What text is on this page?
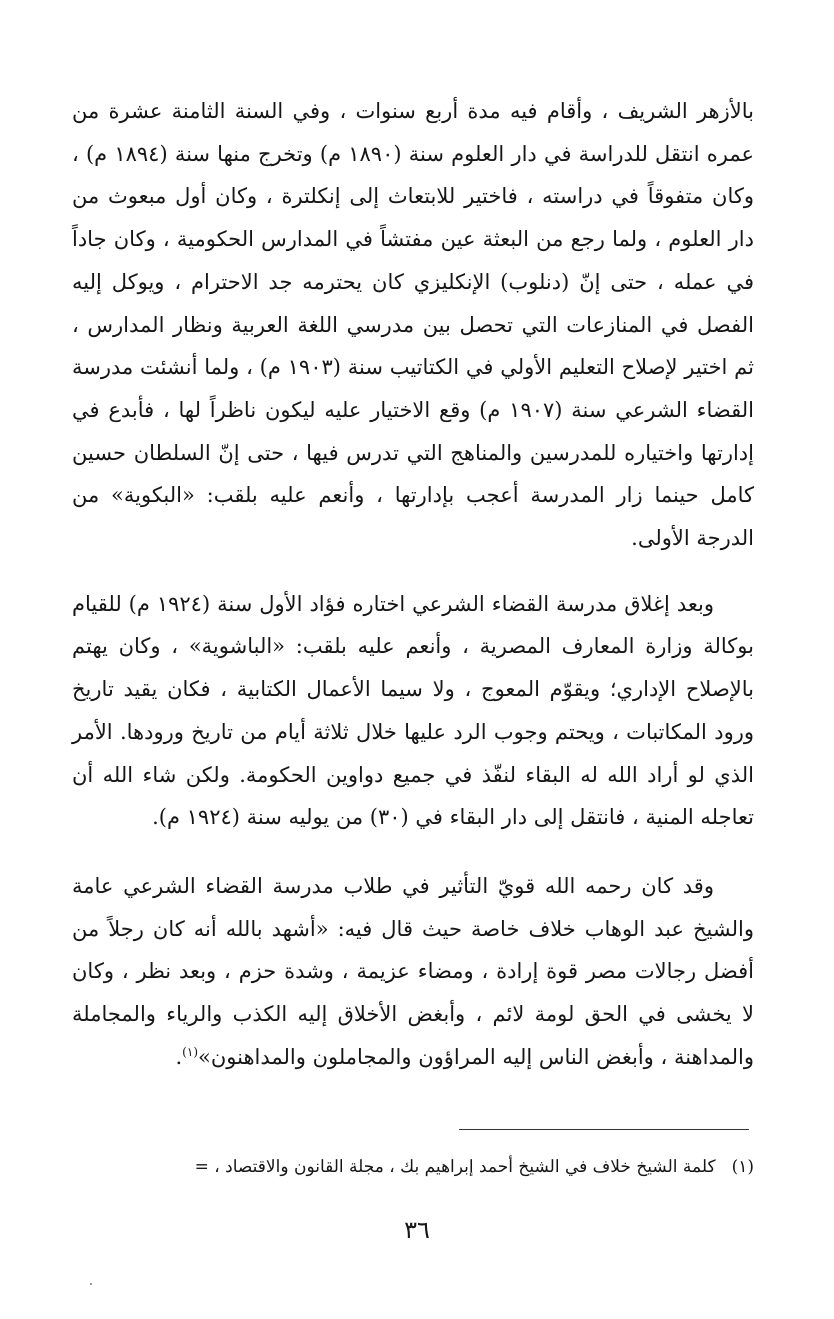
بالأزهر الشريف ، وأقام فيه مدة أربع سنوات ، وفي السنة الثامنة عشرة من عمره انتقل للدراسة في دار العلوم سنة (١٨٩٠ م) وتخرج منها سنة (١٨٩٤ م) ، وكان متفوقاً في دراسته ، فاختير للابتعاث إلى إنكلترة ، وكان أول مبعوث من دار العلوم ، ولما رجع من البعثة عين مفتشاً في المدارس الحكومية ، وكان جاداً في عمله ، حتى إنّ (دنلوب) الإنكليزي كان يحترمه جد الاحترام ، ويوكل إليه الفصل في المنازعات التي تحصل بين مدرسي اللغة العربية ونظار المدارس ، ثم اختير لإصلاح التعليم الأولي في الكتاتيب سنة (١٩٠٣ م) ، ولما أنشئت مدرسة القضاء الشرعي سنة (١٩٠٧ م) وقع الاختيار عليه ليكون ناظراً لها ، فأبدع في إدارتها واختياره للمدرسين والمناهج التي تدرس فيها ، حتى إنّ السلطان حسين كامل حينما زار المدرسة أعجب بإدارتها ، وأنعم عليه بلقب: «البكوية» من الدرجة الأولى.

وبعد إغلاق مدرسة القضاء الشرعي اختاره فؤاد الأول سنة (١٩٢٤ م) للقيام بوكالة وزارة المعارف المصرية ، وأنعم عليه بلقب: «الباشوية» ، وكان يهتم بالإصلاح الإداري؛ ويقوّم المعوج ، ولا سيما الأعمال الكتابية ، فكان يقيد تاريخ ورود المكاتبات ، ويحتم وجوب الرد عليها خلال ثلاثة أيام من تاريخ ورودها. الأمر الذي لو أراد الله له البقاء لنفّذ في جميع دواوين الحكومة. ولكن شاء الله أن تعاجله المنية ، فانتقل إلى دار البقاء في (٣٠) من يوليه سنة (١٩٢٤ م).

وقد كان رحمه الله قويّ التأثير في طلاب مدرسة القضاء الشرعي عامة والشيخ عبد الوهاب خلاف خاصة حيث قال فيه: «أشهد بالله أنه كان رجلاً من أفضل رجالات مصر قوة إرادة ، ومضاء عزيمة ، وشدة حزم ، وبعد نظر ، وكان لا يخشى في الحق لومة لائم ، وأبغض الأخلاق إليه الكذب والرياء والمجاملة والمداهنة ، وأبغض الناس إليه المراؤون والمجاملون والمداهنون»$^{(١)}$.

(١)كلمة الشيخ خلاف في الشيخ أحمد إبراهيم بك ، مجلة القانون والاقتصاد ، =

٣٦
